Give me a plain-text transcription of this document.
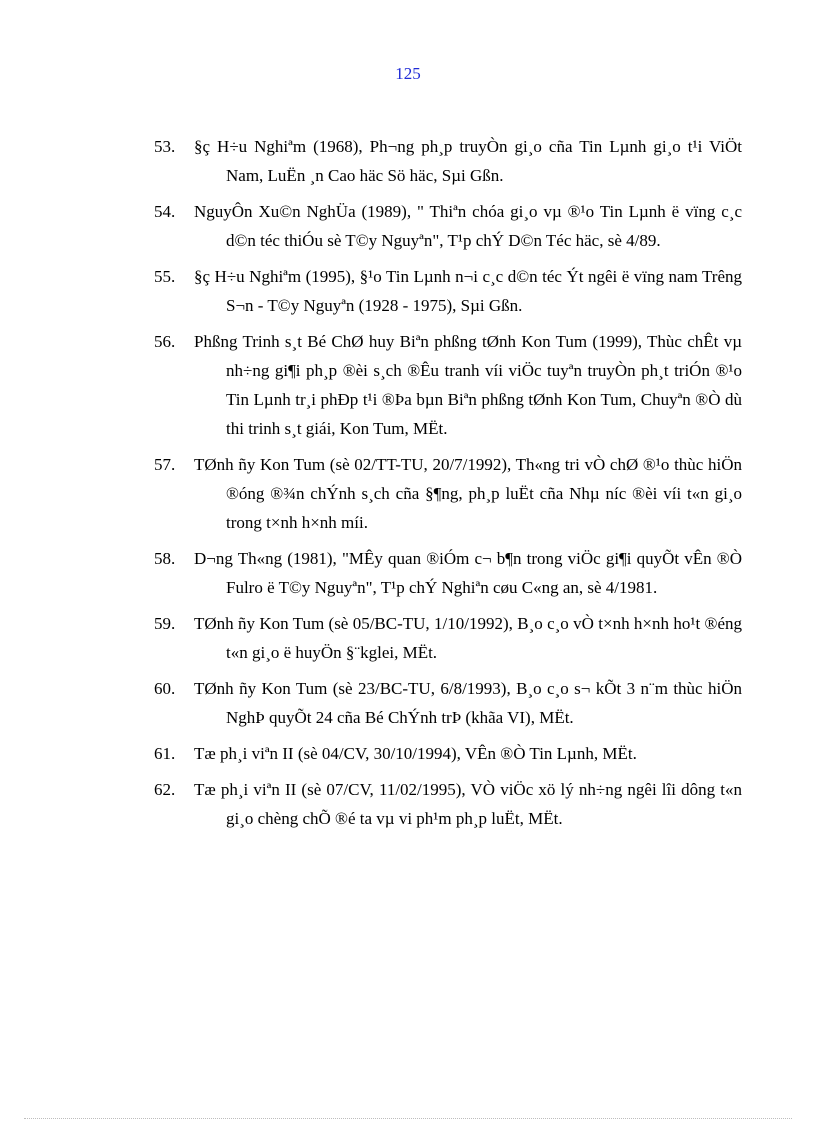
125
53.	§ç H÷u Nghiªm (1968), Ph¬ng ph¸p truyÒn gi¸o cña Tin Lµnh gi¸o t¹i ViÖt Nam, LuËn ¸n Cao häc Sö häc, Sµi Gßn.
54.	NguyÔn Xu©n NghÜa (1989), " Thiªn chóa gi¸o vµ ®¹o Tin Lµnh ë vïng c¸c d©n téc thiÓu sè T©y Nguyªn", T¹p chÝ D©n Téc häc, sè 4/89.
55.	§ç H÷u Nghiªm (1995), §¹o Tin Lµnh n¬i c¸c d©n téc Ýt ngêi ë vïng nam Trêng S¬n - T©y Nguyªn (1928 - 1975), Sµi Gßn.
56.	Phßng Trinh s¸t Bé ChØ huy Biªn phßng tØnh Kon Tum (1999), Thùc chÊt vµ nh÷ng gi¶i ph¸p ®èi s¸ch ®Êu tranh víi viÖc tuyªn truyÒn ph¸t triÓn ®¹o Tin Lµnh tr¸i phÐp t¹i ®Þa bµn Biªn phßng tØnh Kon Tum, Chuyªn ®Ò dù thi trinh s¸t giái, Kon Tum, MËt.
57.	TØnh ñy Kon Tum (sè 02/TT-TU, 20/7/1992), Th«ng tri vÒ chØ ®¹o thùc hiÖn ®óng ®¾n chÝnh s¸ch cña §¶ng, ph¸p luËt cña Nhµ níc ®èi víi t«n gi¸o trong t×nh h×nh míi.
58.	D¬ng Th«ng (1981), "MÊy quan ®iÓm c¬ b¶n trong viÖc gi¶i quyÕt vÊn ®Ò Fulro ë T©y Nguyªn", T¹p chÝ Nghiªn cøu C«ng an, sè 4/1981.
59.	TØnh ñy Kon Tum (sè 05/BC-TU, 1/10/1992), B¸o c¸o vÒ t×nh h×nh ho¹t ®éng t«n gi¸o ë huyÖn §¨kglei, MËt.
60.	TØnh ñy Kon Tum (sè 23/BC-TU, 6/8/1993), B¸o c¸o s¬ kÕt 3 n¨m thùc hiÖn NghÞ quyÕt 24 cña Bé ChÝnh trÞ (khãa VI), MËt.
61.	Tæ ph¸i viªn II (sè 04/CV, 30/10/1994), VÊn ®Ò Tin Lµnh, MËt.
62.	Tæ ph¸i viªn II (sè 07/CV, 11/02/1995), VÒ viÖc xö lý nh÷ng ngêi lîi dông t«n gi¸o chèng chÕ ®é ta vµ vi ph¹m ph¸p luËt, MËt.
